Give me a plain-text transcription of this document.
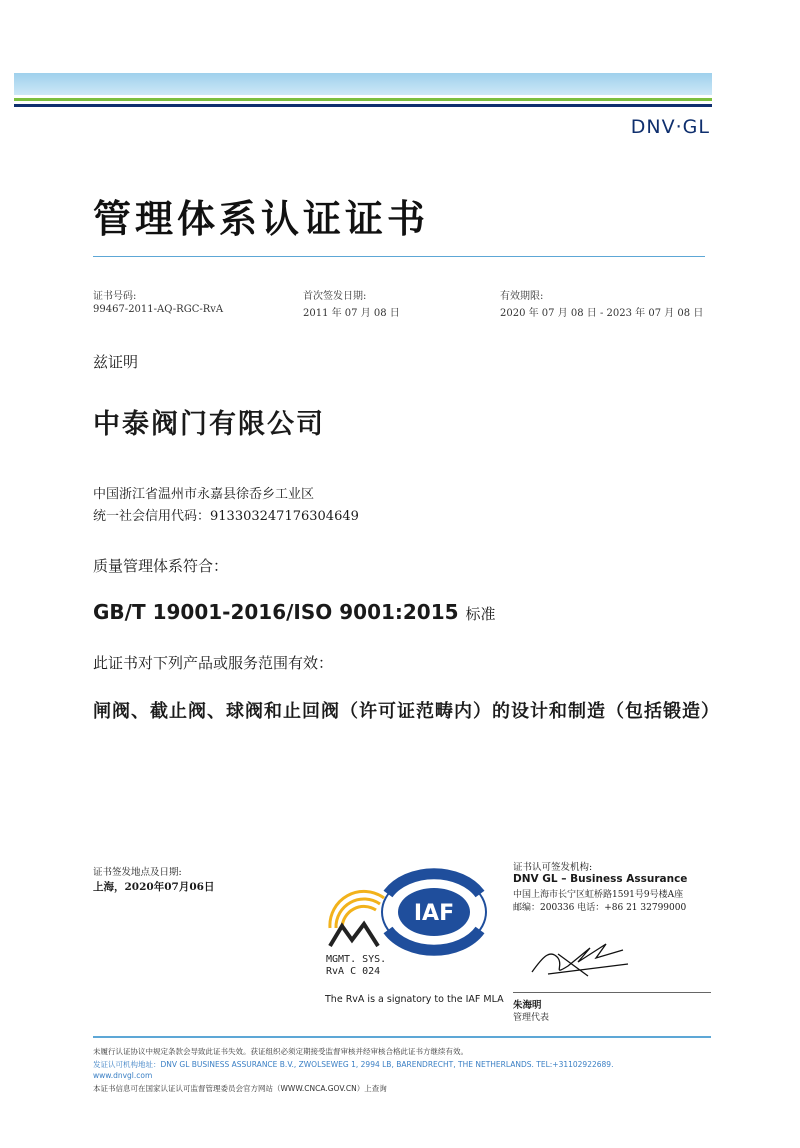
DNV·GL
管理体系认证证书
证书号码:
99467-2011-AQ-RGC-RvA
首次签发日期:
2011 年 07 月 08 日
有效期限:
2020 年 07 月 08 日 - 2023 年 07 月 08 日
兹证明
中泰阀门有限公司
中国浙江省温州市永嘉县徐岙乡工业区
统一社会信用代码：913303247176304649
质量管理体系符合：
GB/T 19001-2016/ISO 9001:2015 标准
此证书对下列产品或服务范围有效：
闸阀、截止阀、球阀和止回阀（许可证范畴内）的设计和制造（包括锻造）
证书签发地点及日期:
上海，2020年07月06日
证书认可签发机构:
DNV GL – Business Assurance
中国上海市长宁区虹桥路1591号9号楼A座
邮编：200336 电话：+86 21 32799000
朱海明
管理代表
IAF
MGMT. SYS.
RvA C 024
The RvA is a signatory to the IAF MLA
未履行认证协议中规定条款会导致此证书失效。获证组织必须定期接受监督审核并经审核合格此证书方继续有效。
发证认可机构地址：DNV GL BUSINESS ASSURANCE B.V., ZWOLSEWEG 1, 2994 LB, BARENDRECHT, THE NETHERLANDS. TEL:+31102922689.
www.dnvgl.com
本证书信息可在国家认证认可监督管理委员会官方网站（WWW.CNCA.GOV.CN）上查询
